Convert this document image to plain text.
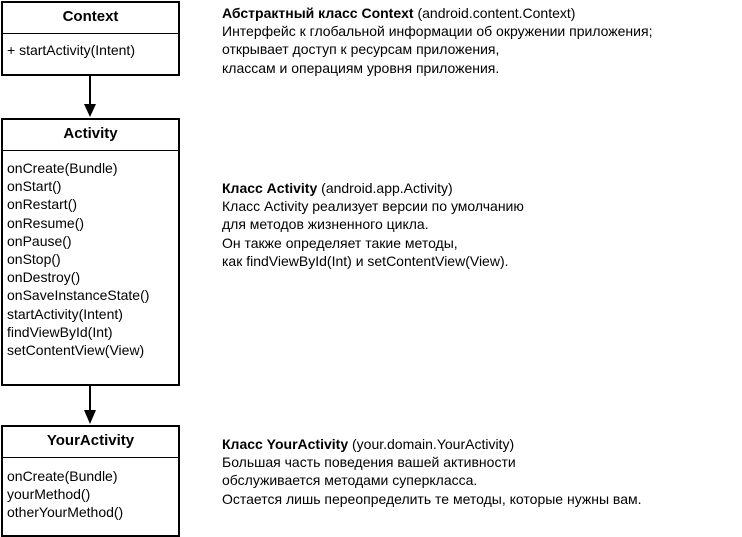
Context
+ startActivity(Intent)
Activity
onCreate(Bundle)
onStart()
onRestart()
onResume()
onPause()
onStop()
onDestroy()
onSaveInstanceState()
startActivity(Intent)
findViewById(Int)
setContentView(View)
YourActivity
onCreate(Bundle)
yourMethod()
otherYourMethod()
Абстрактный класс Context (android.content.Context)
Интерфейс к глобальной информации об окружении приложения;
открывает доступ к ресурсам приложения,
классам и операциям уровня приложения.
Класс Activity (android.app.Activity)
Класс Activity реализует версии по умолчанию
для методов жизненного цикла.
Он также определяет такие методы,
как findViewById(Int) и setContentView(View).
Класс YourActivity (your.domain.YourActivity)
Большая часть поведения вашей активности
обслуживается методами суперкласса.
Остается лишь переопределить те методы, которые нужны вам.
